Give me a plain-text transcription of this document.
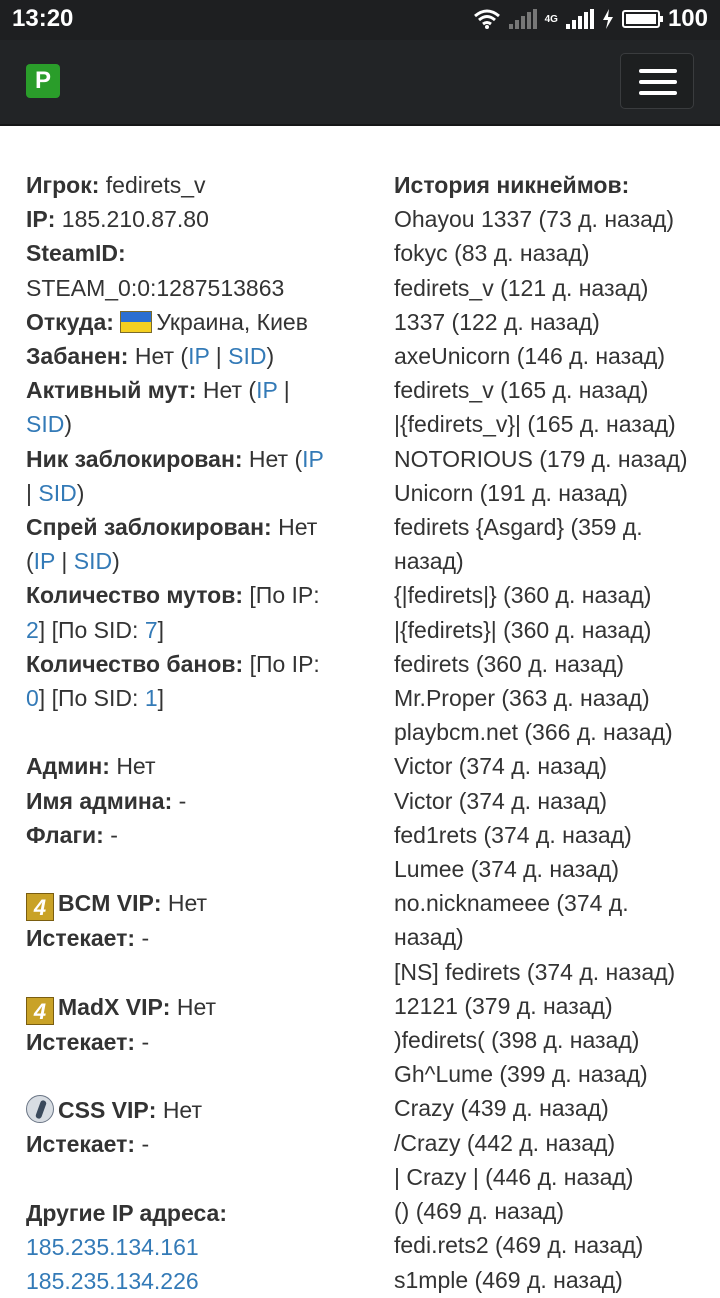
13:20	4G	100
P
Игрок: fedirets_v
IP: 185.210.87.80
SteamID:
STEAM_0:0:1287513863
Откуда: Украина, Киев
Забанен: Нет (IP | SID)
Активный мут: Нет (IP |
SID)
Ник заблокирован: Нет (IP
| SID)
Спрей заблокирован: Нет
(IP | SID)
Количество мутов: [По IP:
2] [По SID: 7]
Количество банов: [По IP:
0] [По SID: 1]
Админ: Нет
Имя админа: -
Флаги: -
4 BCM VIP: Нет
Истекает: -
4 MadX VIP: Нет
Истекает: -
CSS VIP: Нет
Истекает: -
Другие IP адреса:
185.235.134.161
185.235.134.226
История никнеймов:
Ohayou 1337 (73 д. назад)
fokyc (83 д. назад)
fedirets_v (121 д. назад)
1337 (122 д. назад)
axeUnicorn (146 д. назад)
fedirets_v (165 д. назад)
|{fedirets_v}| (165 д. назад)
NOTORIOUS (179 д. назад)
Unicorn (191 д. назад)
fedirets {Asgard} (359 д.
назад)
{|fedirets|} (360 д. назад)
|{fedirets}| (360 д. назад)
fedirets (360 д. назад)
Mr.Proper (363 д. назад)
playbcm.net (366 д. назад)
Victor (374 д. назад)
Victor (374 д. назад)
fed1rets (374 д. назад)
Lumee (374 д. назад)
no.nicknameee (374 д.
назад)
[NS] fedirets (374 д. назад)
12121 (379 д. назад)
)fedirets( (398 д. назад)
Gh^Lume (399 д. назад)
Crazy (439 д. назад)
/Crazy (442 д. назад)
| Crazy | (446 д. назад)
() (469 д. назад)
fedi.rets2 (469 д. назад)
s1mple (469 д. назад)
